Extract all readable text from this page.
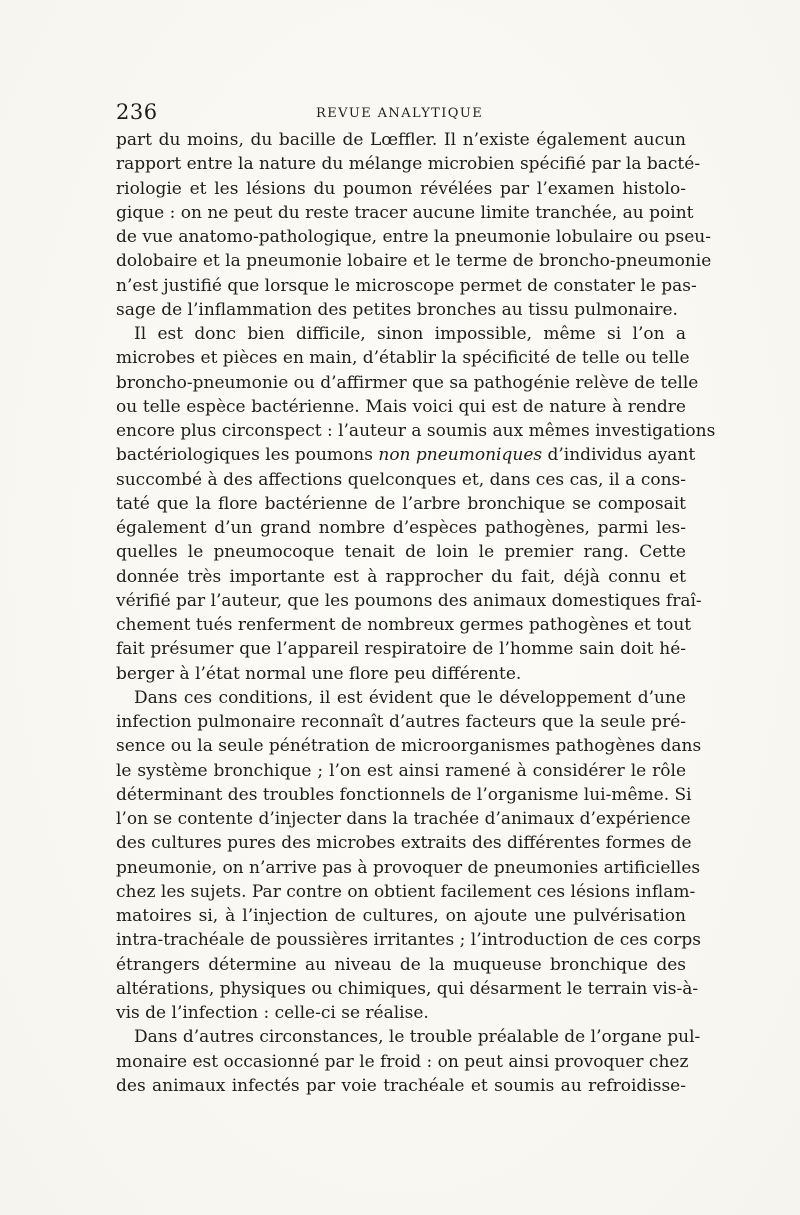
236	REVUE ANALYTIQUE
part du moins, du bacille de Lœffler. Il n’existe également aucun
rapport entre la nature du mélange microbien spécifié par la bacté-
riologie et les lésions du poumon révélées par l’examen histolo-
gique : on ne peut du reste tracer aucune limite tranchée, au point
de vue anatomo-pathologique, entre la pneumonie lobulaire ou pseu-
dolobaire et la pneumonie lobaire et le terme de broncho-pneumonie
n’est justifié que lorsque le microscope permet de constater le pas-
sage de l’inflammation des petites bronches au tissu pulmonaire.
Il est donc bien difficile, sinon impossible, même si l’on a
microbes et pièces en main, d’établir la spécificité de telle ou telle
broncho-pneumonie ou d’affirmer que sa pathogénie relève de telle
ou telle espèce bactérienne. Mais voici qui est de nature à rendre
encore plus circonspect : l’auteur a soumis aux mêmes investigations
bactériologiques les poumons non pneumoniques d’individus ayant
succombé à des affections quelconques et, dans ces cas, il a cons-
taté que la flore bactérienne de l’arbre bronchique se composait
également d’un grand nombre d’espèces pathogènes, parmi les-
quelles le pneumocoque tenait de loin le premier rang. Cette
donnée très importante est à rapprocher du fait, déjà connu et
vérifié par l’auteur, que les poumons des animaux domestiques fraî-
chement tués renferment de nombreux germes pathogènes et tout
fait présumer que l’appareil respiratoire de l’homme sain doit hé-
berger à l’état normal une flore peu différente.
Dans ces conditions, il est évident que le développement d’une
infection pulmonaire reconnaît d’autres facteurs que la seule pré-
sence ou la seule pénétration de microorganismes pathogènes dans
le système bronchique ; l’on est ainsi ramené à considérer le rôle
déterminant des troubles fonctionnels de l’organisme lui-même. Si
l’on se contente d’injecter dans la trachée d’animaux d’expérience
des cultures pures des microbes extraits des différentes formes de
pneumonie, on n’arrive pas à provoquer de pneumonies artificielles
chez les sujets. Par contre on obtient facilement ces lésions inflam-
matoires si, à l’injection de cultures, on ajoute une pulvérisation
intra-trachéale de poussières irritantes ; l’introduction de ces corps
étrangers détermine au niveau de la muqueuse bronchique des
altérations, physiques ou chimiques, qui désarment le terrain vis-à-
vis de l’infection : celle-ci se réalise.
Dans d’autres circonstances, le trouble préalable de l’organe pul-
monaire est occasionné par le froid : on peut ainsi provoquer chez
des animaux infectés par voie trachéale et soumis au refroidisse-
